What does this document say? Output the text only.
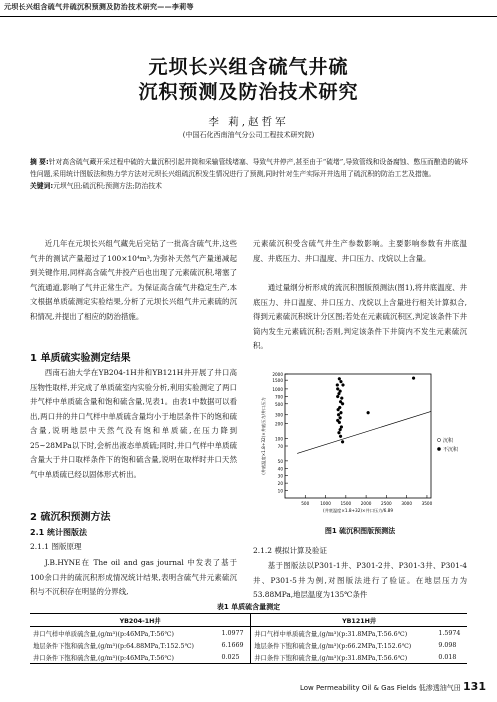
元坝长兴组含硫气井硫沉积预测及防治技术研究——李莉等
元坝长兴组含硫气井硫
沉积预测及防治技术研究
李 莉,赵哲军
(中国石化西南油气分公司工程技术研究院)
摘 要:针对高含硫气藏开采过程中硫的大量沉积引起井筒和采输管线堵塞、导致气井停产,甚至由于“硫堵”,导致管线和设备腐蚀、憋压而酿造的破坏性问题,采用统计图版法和热力学方法对元坝长兴组硫沉积发生情况进行了预测,同时针对生产实际开井选用了硫沉积的防治工艺及措施。
关键词:元坝气田;硫沉积;预测方法;防治技术
近几年在元坝长兴组气藏先后完钻了一批高含硫气井,这些气井的测试产量超过了100×10⁴m³,为弥补天然气产量递减起到关键作用,同样高含硫气井投产后也出现了元素硫沉积,堵塞了气流通道,影响了气井正常生产。为保证高含硫气井稳定生产,本文根据单质硫测定实验结果,分析了元坝长兴组气井元素硫的沉积情况,并提出了相应的防治措施。
1 单质硫实验测定结果
西南石油大学在YB204-1H井和YB121H井开展了井口高压物性取样,并完成了单质硫室内实验分析,利用实验测定了两口井气样中单质硫含量和饱和硫含量,见表1。由表1中数据可以看出,两口井的井口气样中单质硫含量均小于地层条件下的饱和硫含量,说明地层中天然气没有饱和单质硫,在压力降到25~28MPa以下时,会析出液态单质硫;同时,井口气样中单质硫含量大于井口取样条件下的饱和硫含量,说明在取样时井口天然气中单质硫已经以固体形式析出。
2 硫沉积预测方法
2.1 统计图版法
2.1.1 图版原理
J.B.HYNE在 The oil and gas journal 中发表了基于100余口井的硫沉积形成情况统计结果,表明含硫气井元素硫沉积与不沉积存在明显的分界线,
元素硫沉积受含硫气井生产参数影响。主要影响参数有井底温度、井底压力、井口温度、井口压力、戊烷以上含量。
通过量纲分析形成的流沉积图版预测法(图1),将井底温度、井底压力、井口温度、井口压力、戊烷以上含量进行相关计算拟合,得到元素硫沉积统计分区图;若处在元素硫沉积区,判定该条件下井筒内发生元素硫沉积;否则,判定该条件下井筒内不发生元素硫沉积。
10
20
30
40
50
70
100
200
300
500
700
1000
1500
2000
500	1000 1500 2000 2500 3000 3500
(井底温度×1.8+32)×井口压力/6.89
(井底温度×1.8+32)×井底压力/井口压力	沉积
不沉积
图1 硫沉积图版预测法
2.1.2 模拟计算及验证
基于图版法以P301-1井、P301-2井、P301-3井、P301-4井、P301-5井为例,对图版法进行了验证。在地层压力为53.88MPa,地层温度为135℃条件
表1 单质硫含量测定
YB204-1H井		YB121H井	
井口气样中单质硫含量,(g/m³)(p:46MPa,T:56℃)	1.0977	井口气样中单质硫含量,(g/m³)(p:31.8MPa,T:56.6℃)	1.5974
地层条件下饱和硫含量,(g/m³)(p:64.88MPa,T:152.5℃)	6.1669	地层条件下饱和硫含量,(g/m³)(p:66.2MPa,T:152.6℃)	9.098
井口条件下饱和硫含量,(g/m³)(p:46MPa,T:56℃)	0.025	井口条件下饱和硫含量,(g/m³)(p:31.8MPa,T:56.6℃)	0.018
Low Permeability Oil & Gas Fields 低渗透油气田 131
